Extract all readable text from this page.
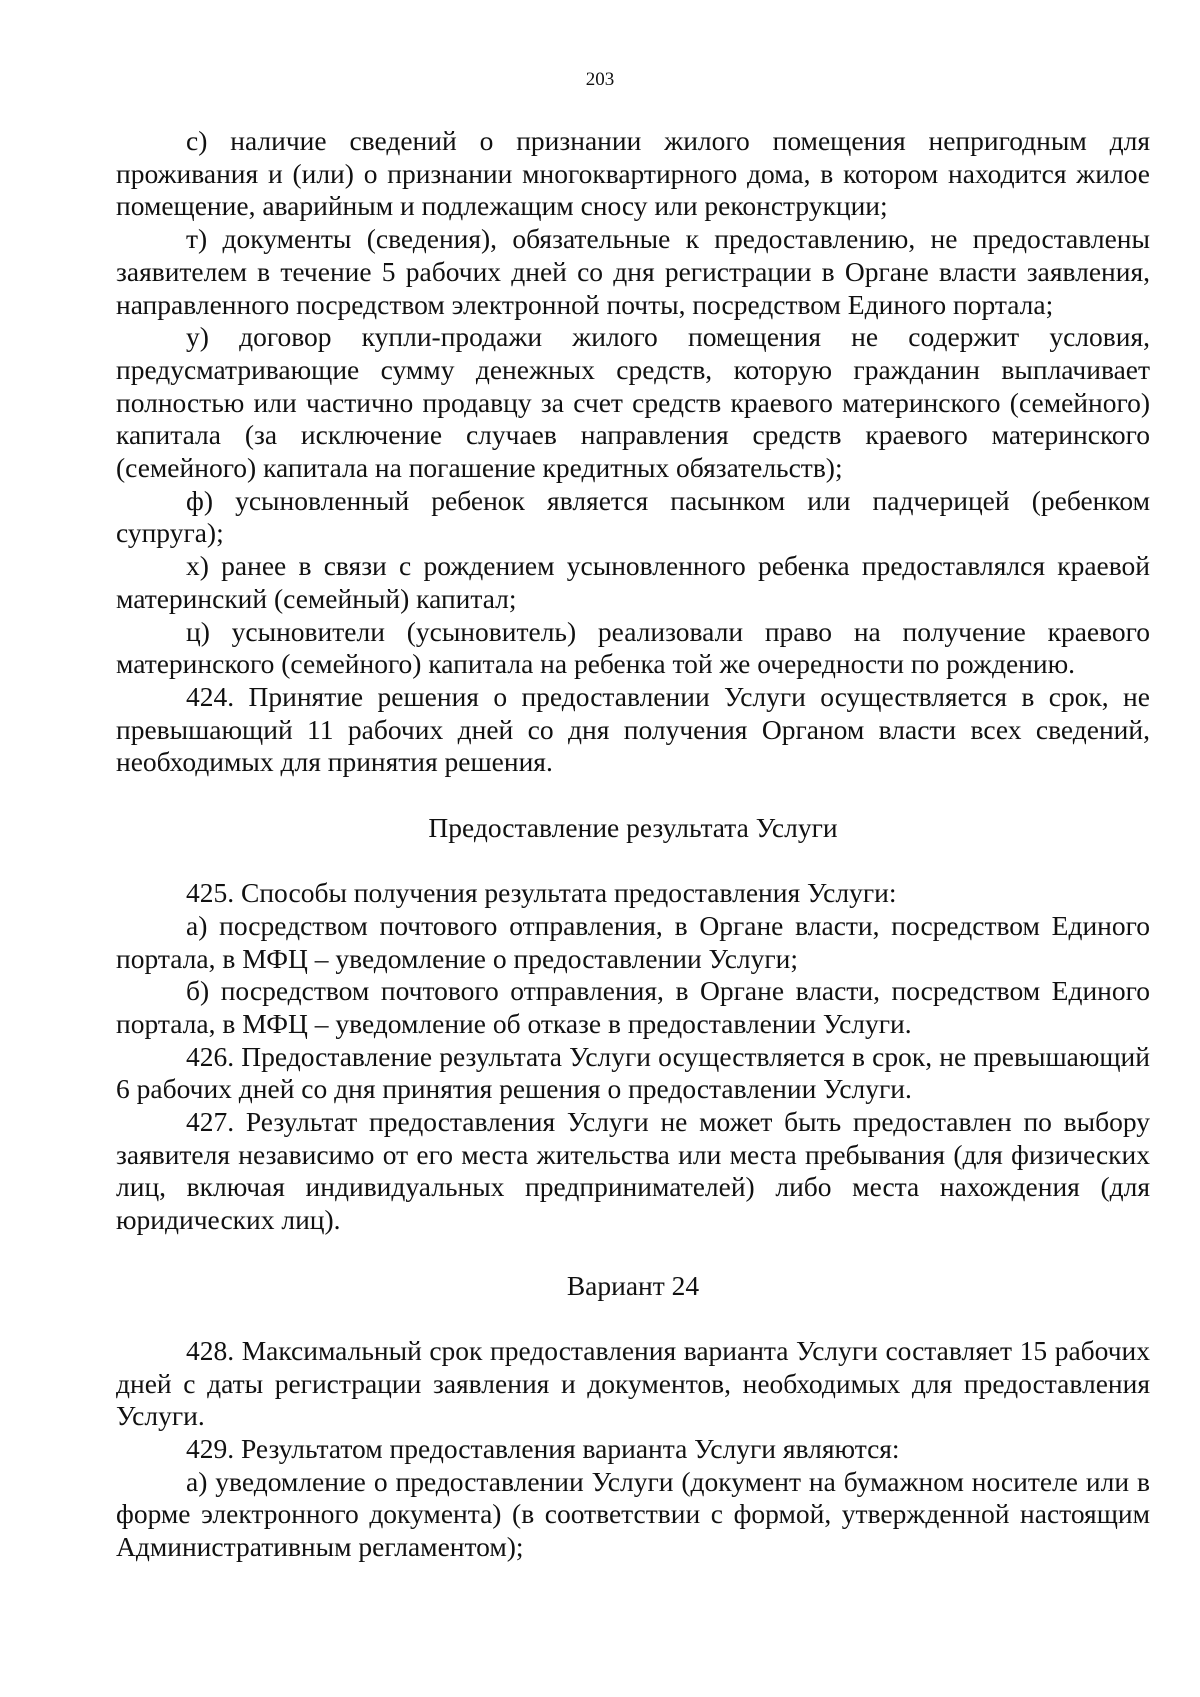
203

с) наличие сведений о признании жилого помещения непригодным для проживания и (или) о признании многоквартирного дома, в котором находится жилое помещение, аварийным и подлежащим сносу или реконструкции;

т) документы (сведения), обязательные к предоставлению, не предоставлены заявителем в течение 5 рабочих дней со дня регистрации в Органе власти заявления, направленного посредством электронной почты, посредством Единого портала;

у) договор купли-продажи жилого помещения не содержит условия, предусматривающие сумму денежных средств, которую гражданин выплачивает полностью или частично продавцу за счет средств краевого материнского (семейного) капитала (за исключение случаев направления средств краевого материнского (семейного) капитала на погашение кредитных обязательств);

ф) усыновленный ребенок является пасынком или падчерицей (ребенком супруга);

х) ранее в связи с рождением усыновленного ребенка предоставлялся краевой материнский (семейный) капитал;

ц) усыновители (усыновитель) реализовали право на получение краевого материнского (семейного) капитала на ребенка той же очередности по рождению.

424. Принятие решения о предоставлении Услуги осуществляется в срок, не превышающий 11 рабочих дней со дня получения Органом власти всех сведений, необходимых для принятия решения.

Предоставление результата Услуги

425. Способы получения результата предоставления Услуги:

а) посредством почтового отправления, в Органе власти, посредством Единого портала, в МФЦ – уведомление о предоставлении Услуги;

б) посредством почтового отправления, в Органе власти, посредством Единого портала, в МФЦ – уведомление об отказе в предоставлении Услуги.

426. Предоставление результата Услуги осуществляется в срок, не превышающий 6 рабочих дней со дня принятия решения о предоставлении Услуги.

427. Результат предоставления Услуги не может быть предоставлен по выбору заявителя независимо от его места жительства или места пребывания (для физических лиц, включая индивидуальных предпринимателей) либо места нахождения (для юридических лиц).

Вариант 24

428. Максимальный срок предоставления варианта Услуги составляет 15 рабочих дней с даты регистрации заявления и документов, необходимых для предоставления Услуги.

429. Результатом предоставления варианта Услуги являются:

а) уведомление о предоставлении Услуги (документ на бумажном носителе или в форме электронного документа) (в соответствии с формой, утвержденной настоящим Административным регламентом);
